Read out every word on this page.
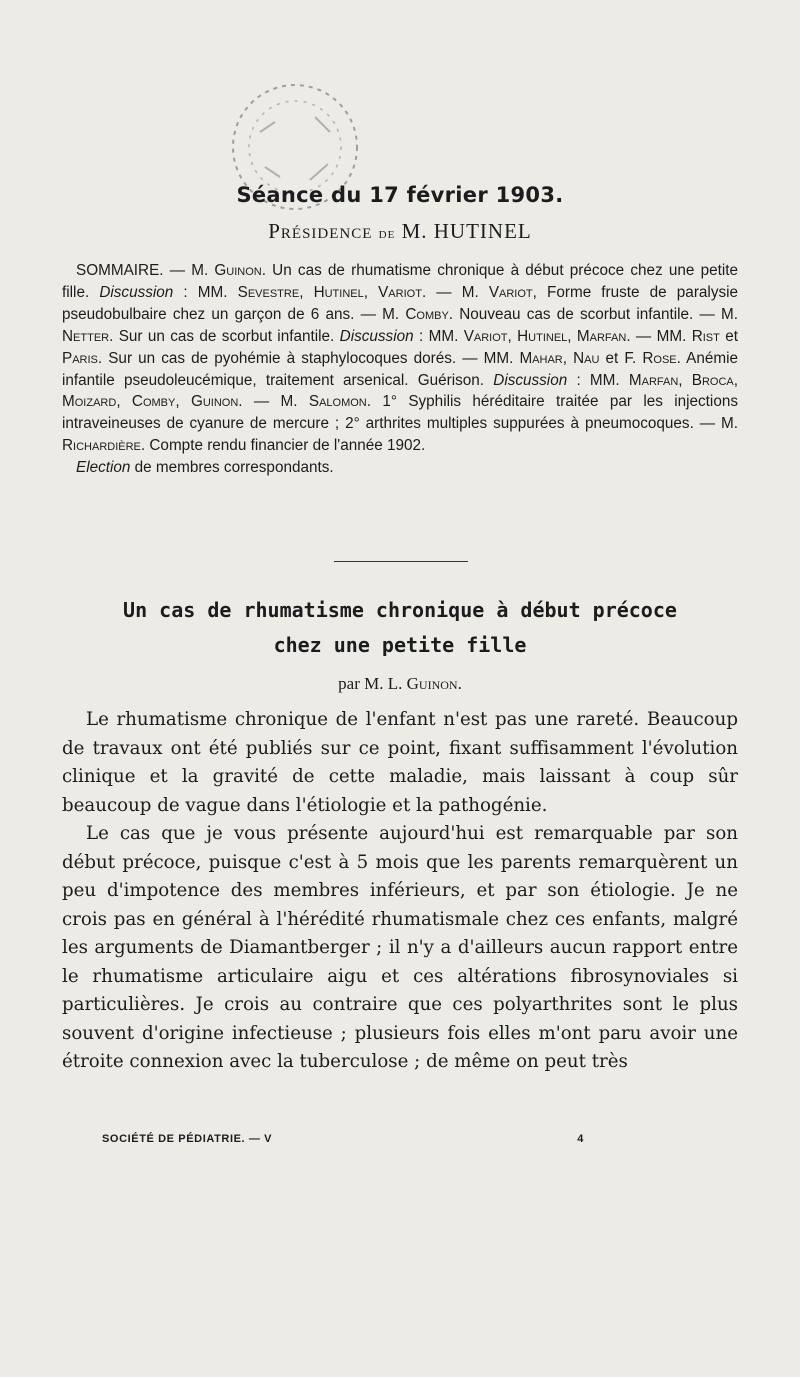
Séance du 17 février 1903.
Présidence de M. HUTINEL

SOMMAIRE. — M. Guinon. Un cas de rhumatisme chronique à début précoce chez une petite fille. Discussion : MM. Sevestre, Hutinel, Variot. — M. Variot, Forme fruste de paralysie pseudobulbaire chez un garçon de 6 ans. — M. Comby. Nouveau cas de scorbut infantile. — M. Netter. Sur un cas de scorbut infantile. Discussion : MM. Variot, Hutinel, Marfan. — MM. Rist et Paris. Sur un cas de pyohémie à staphylocoques dorés. — MM. Mahar, Nau et F. Rose. Anémie infantile pseudoleucémique, traitement arsenical. Guérison. Discussion : MM. Marfan, Broca, Moizard, Comby, Guinon. — M. Salomon. 1° Syphilis héréditaire traitée par les injections intraveineuses de cyanure de mercure ; 2° arthrites multiples suppurées à pneumocoques. — M. Richardière. Compte rendu financier de l'année 1902.

Election de membres correspondants.

Un cas de rhumatisme chronique à début précoce
chez une petite fille
par M. L. Guinon.

Le rhumatisme chronique de l'enfant n'est pas une rareté. Beaucoup de travaux ont été publiés sur ce point, fixant suffisamment l'évolution clinique et la gravité de cette maladie, mais laissant à coup sûr beaucoup de vague dans l'étiologie et la pathogénie.

Le cas que je vous présente aujourd'hui est remarquable par son début précoce, puisque c'est à 5 mois que les parents remarquèrent un peu d'impotence des membres inférieurs, et par son étiologie. Je ne crois pas en général à l'hérédité rhumatismale chez ces enfants, malgré les arguments de Diamantberger ; il n'y a d'ailleurs aucun rapport entre le rhumatisme articulaire aigu et ces altérations fibrosynoviales si particulières. Je crois au contraire que ces polyarthrites sont le plus souvent d'origine infectieuse ; plusieurs fois elles m'ont paru avoir une étroite connexion avec la tuberculose ; de même on peut très

SOCIÉTÉ DE PÉDIATRIE. — V	4
